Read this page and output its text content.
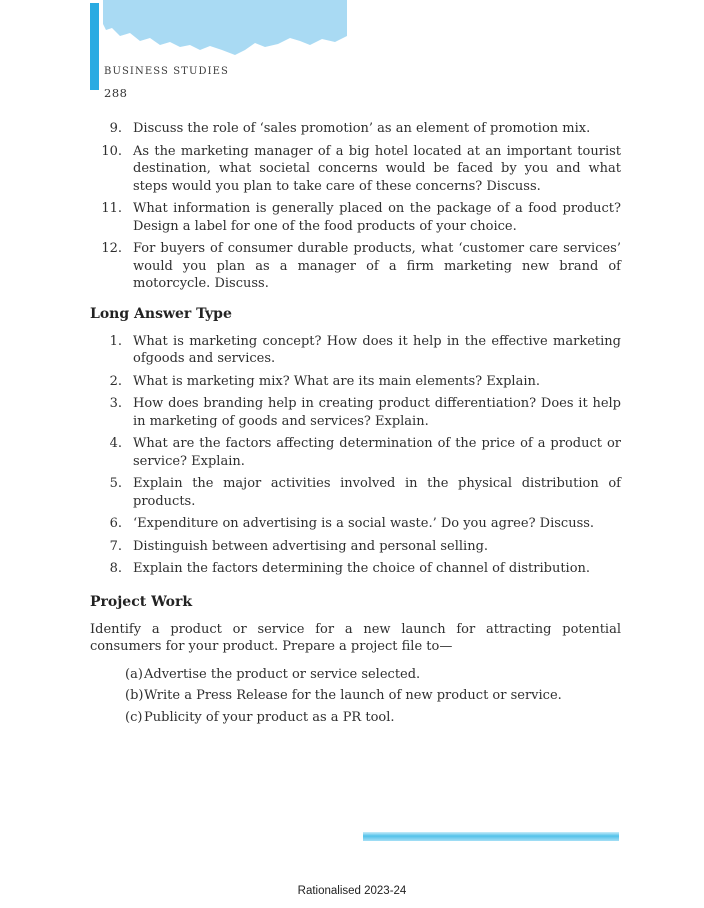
BUSINESS STUDIES
288
9. Discuss the role of ‘sales promotion’ as an element of promotion mix.
10. As the marketing manager of a big hotel located at an important tourist destination, what societal concerns would be faced by you and what steps would you plan to take care of these concerns? Discuss.
11. What information is generally placed on the package of a food product? Design a label for one of the food products of your choice.
12. For buyers of consumer durable products, what ‘customer care services’ would you plan as a manager of a firm marketing new brand of motorcycle. Discuss.
Long Answer Type
1. What is marketing concept? How does it help in the effective marketing ofgoods and services.
2. What is marketing mix? What are its main elements? Explain.
3. How does branding help in creating product differentiation? Does it help in marketing of goods and services? Explain.
4. What are the factors affecting determination of the price of a product or service? Explain.
5. Explain the major activities involved in the physical distribution of products.
6. ‘Expenditure on advertising is a social waste.’ Do you agree? Discuss.
7. Distinguish between advertising and personal selling.
8. Explain the factors determining the choice of channel of distribution.
Project Work
Identify a product or service for a new launch for attracting potential consumers for your product. Prepare a project file to—
(a) Advertise the product or service selected.
(b) Write a Press Release for the launch of new product or service.
(c) Publicity of your product as a PR tool.
Rationalised 2023-24
